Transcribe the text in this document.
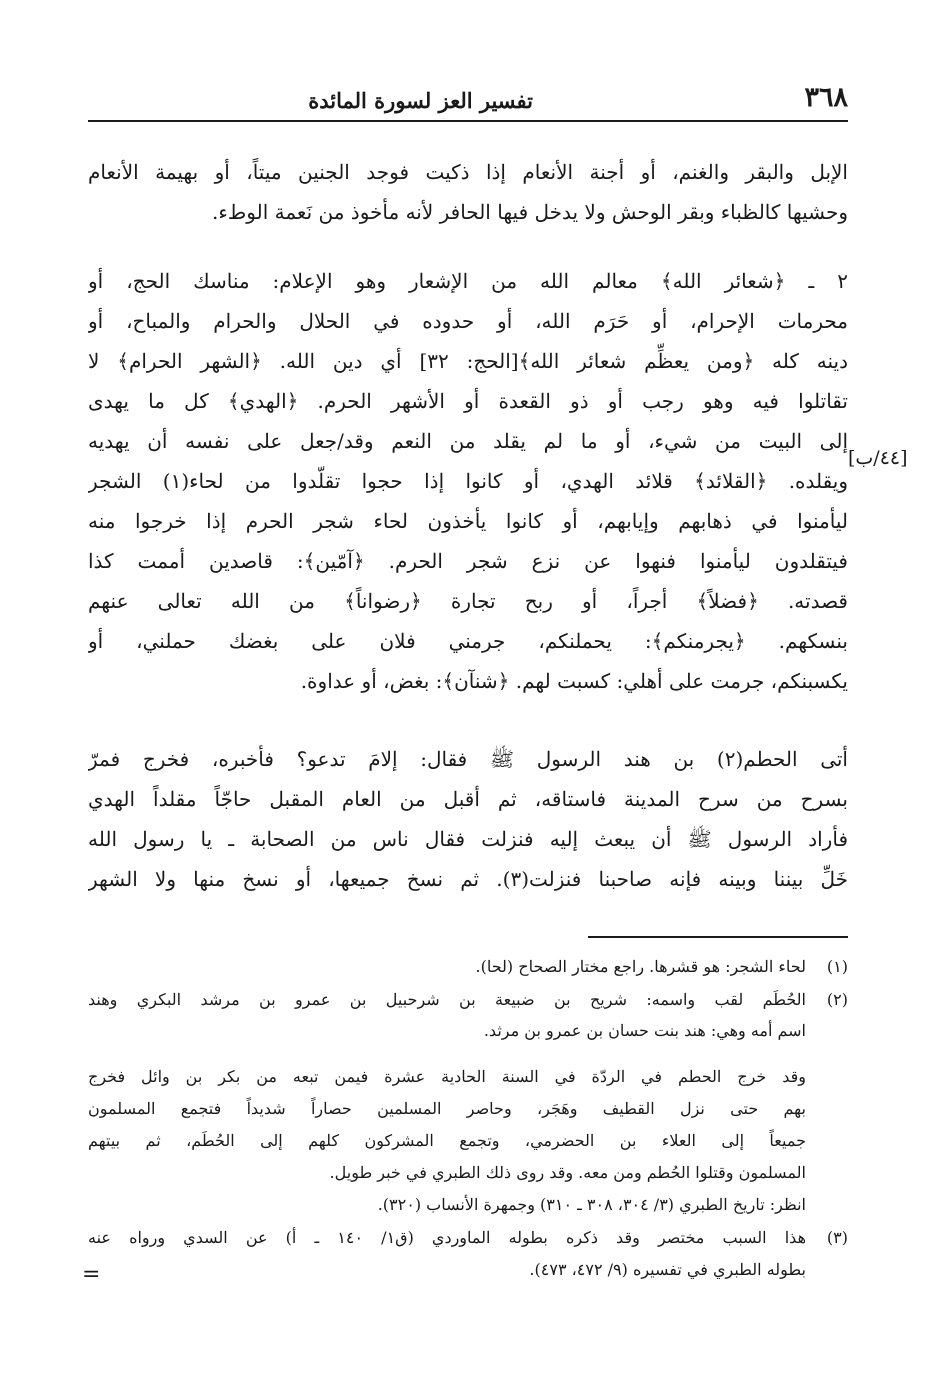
٣٦٨
تفسير العز لسورة المائدة
[٤٤/ب]
الإبل والبقر والغنم، أو أجنة الأنعام إذا ذكيت فوجد الجنين ميتاً، أو بهيمة الأنعام
وحشيها كالظباء وبقر الوحش ولا يدخل فيها الحافر لأنه مأخوذ من نَعمة الوطء.
٢ ـ ﴿شعائر الله﴾ معالم الله من الإشعار وهو الإعلام: مناسك الحج، أو
محرمات الإحرام، أو حَرَم الله، أو حدوده في الحلال والحرام والمباح، أو
دينه كله ﴿ومن يعظِّم شعائر الله﴾[الحج: ٣٢] أي دين الله. ﴿الشهر الحرام﴾ لا
تقاتلوا فيه وهو رجب أو ذو القعدة أو الأشهر الحرم. ﴿الهدي﴾ كل ما يهدى
إلى البيت من شيء، أو ما لم يقلد من النعم وقد/جعل على نفسه أن يهديه
ويقلده. ﴿القلائد﴾ قلائد الهدي، أو كانوا إذا حجوا تقلّدوا من لحاء(١) الشجر
ليأمنوا في ذهابهم وإيابهم، أو كانوا يأخذون لحاء شجر الحرم إذا خرجوا منه
فيتقلدون ليأمنوا فنهوا عن نزع شجر الحرم. ﴿آمّين﴾: قاصدين أممت كذا
قصدته. ﴿فضلاً﴾ أجراً، أو ربح تجارة ﴿رضواناً﴾ من الله تعالى عنهم
بنسكهم. ﴿يجرمنكم﴾: يحملنكم، جرمني فلان على بغضك حملني، أو
يكسبنكم، جرمت على أهلي: كسبت لهم. ﴿شنآن﴾: بغض، أو عداوة.
أتى الحطم(٢) بن هند الرسول ﷺ فقال: إلامَ تدعو؟ فأخبره، فخرج فمرّ
بسرح من سرح المدينة فاستاقه، ثم أقبل من العام المقبل حاجّاً مقلداً الهدي
فأراد الرسول ﷺ أن يبعث إليه فنزلت فقال ناس من الصحابة ـ يا رسول الله
خَلِّ بيننا وبينه فإنه صاحبنا فنزلت(٣). ثم نسخ جميعها، أو نسخ منها ولا الشهر
(١)
لحاء الشجر: هو قشرها. راجع مختار الصحاح (لحا).
(٢)
الحُطَم لقب واسمه: شريح بن ضبيعة بن شرحبيل بن عمرو بن مرشد البكري وهند
اسم أمه وهي: هند بنت حسان بن عمرو بن مرثد.
وقد خرج الحطم في الردّة في السنة الحادية عشرة فيمن تبعه من بكر بن وائل فخرج
بهم حتى نزل القطيف وهَجَر، وحاصر المسلمين حصاراً شديداً فتجمع المسلمون
جميعاً إلى العلاء بن الحضرمي، وتجمع المشركون كلهم إلى الحُطَم، ثم بيتهم
المسلمون وقتلوا الحُطم ومن معه. وقد روى ذلك الطبري في خبر طويل.
انظر: تاريخ الطبري (٣/ ٣٠٤، ٣٠٨ ـ ٣١٠) وجمهرة الأنساب (٣٢٠).
(٣)
هذا السبب مختصر وقد ذكره بطوله الماوردي (ق١/ ١٤٠ ـ أ) عن السدي ورواه عنه
بطوله الطبري في تفسيره (٩/ ٤٧٢، ٤٧٣).
=
